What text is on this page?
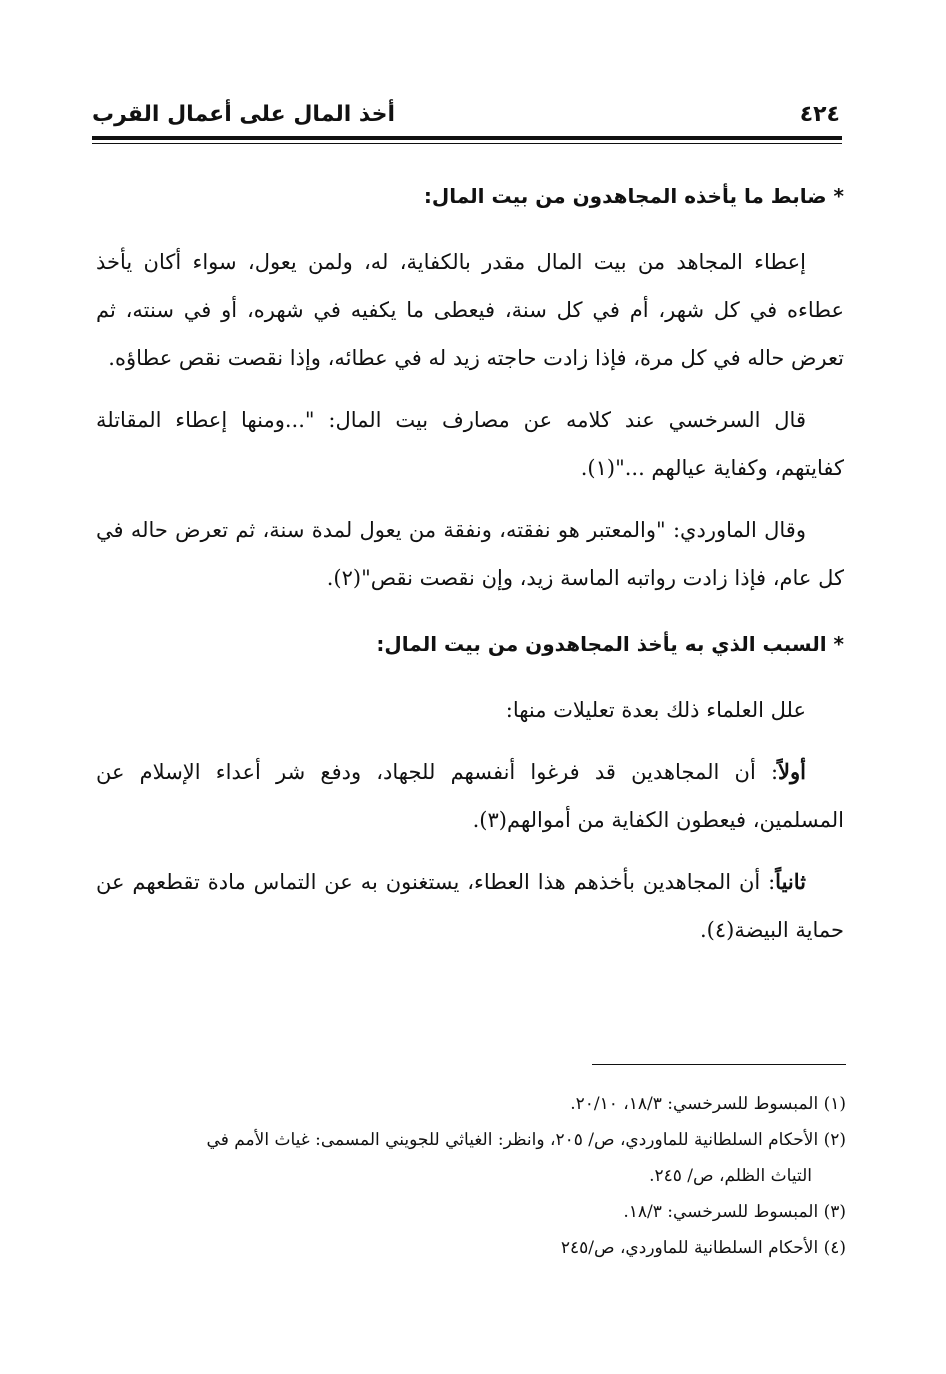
٤٢٤
أخذ المال على أعمال القرب
* ضابط ما يأخذه المجاهدون من بيت المال:

إعطاء المجاهد من بيت المال مقدر بالكفاية، له، ولمن يعول، سواء أكان يأخذ عطاءه في كل شهر، أم في كل سنة، فيعطى ما يكفيه في شهره، أو في سنته، ثم تعرض حاله في كل مرة، فإذا زادت حاجته زيد له في عطائه، وإذا نقصت نقص عطاؤه.

قال السرخسي عند كلامه عن مصارف بيت المال: "...ومنها إعطاء المقاتلة كفايتهم، وكفاية عيالهم ..."(١).

وقال الماوردي: "والمعتبر هو نفقته، ونفقة من يعول لمدة سنة، ثم تعرض حاله في كل عام، فإذا زادت رواتبه الماسة زيد، وإن نقصت نقص"(٢).

* السبب الذي به يأخذ المجاهدون من بيت المال:

علل العلماء ذلك بعدة تعليلات منها:

أولاً: أن المجاهدين قد فرغوا أنفسهم للجهاد، ودفع شر أعداء الإسلام عن المسلمين، فيعطون الكفاية من أموالهم(٣).

ثانياً: أن المجاهدين بأخذهم هذا العطاء، يستغنون به عن التماس مادة تقطعهم عن حماية البيضة(٤).

(١) المبسوط للسرخسي: ١٨/٣، ٢٠/١٠.

(٢) الأحكام السلطانية للماوردي، ص/ ٢٠٥، وانظر: الغياثي للجويني المسمى: غياث الأمم في

التياث الظلم، ص/ ٢٤٥.

(٣) المبسوط للسرخسي: ١٨/٣.

(٤) الأحكام السلطانية للماوردي، ص/٢٤٥
